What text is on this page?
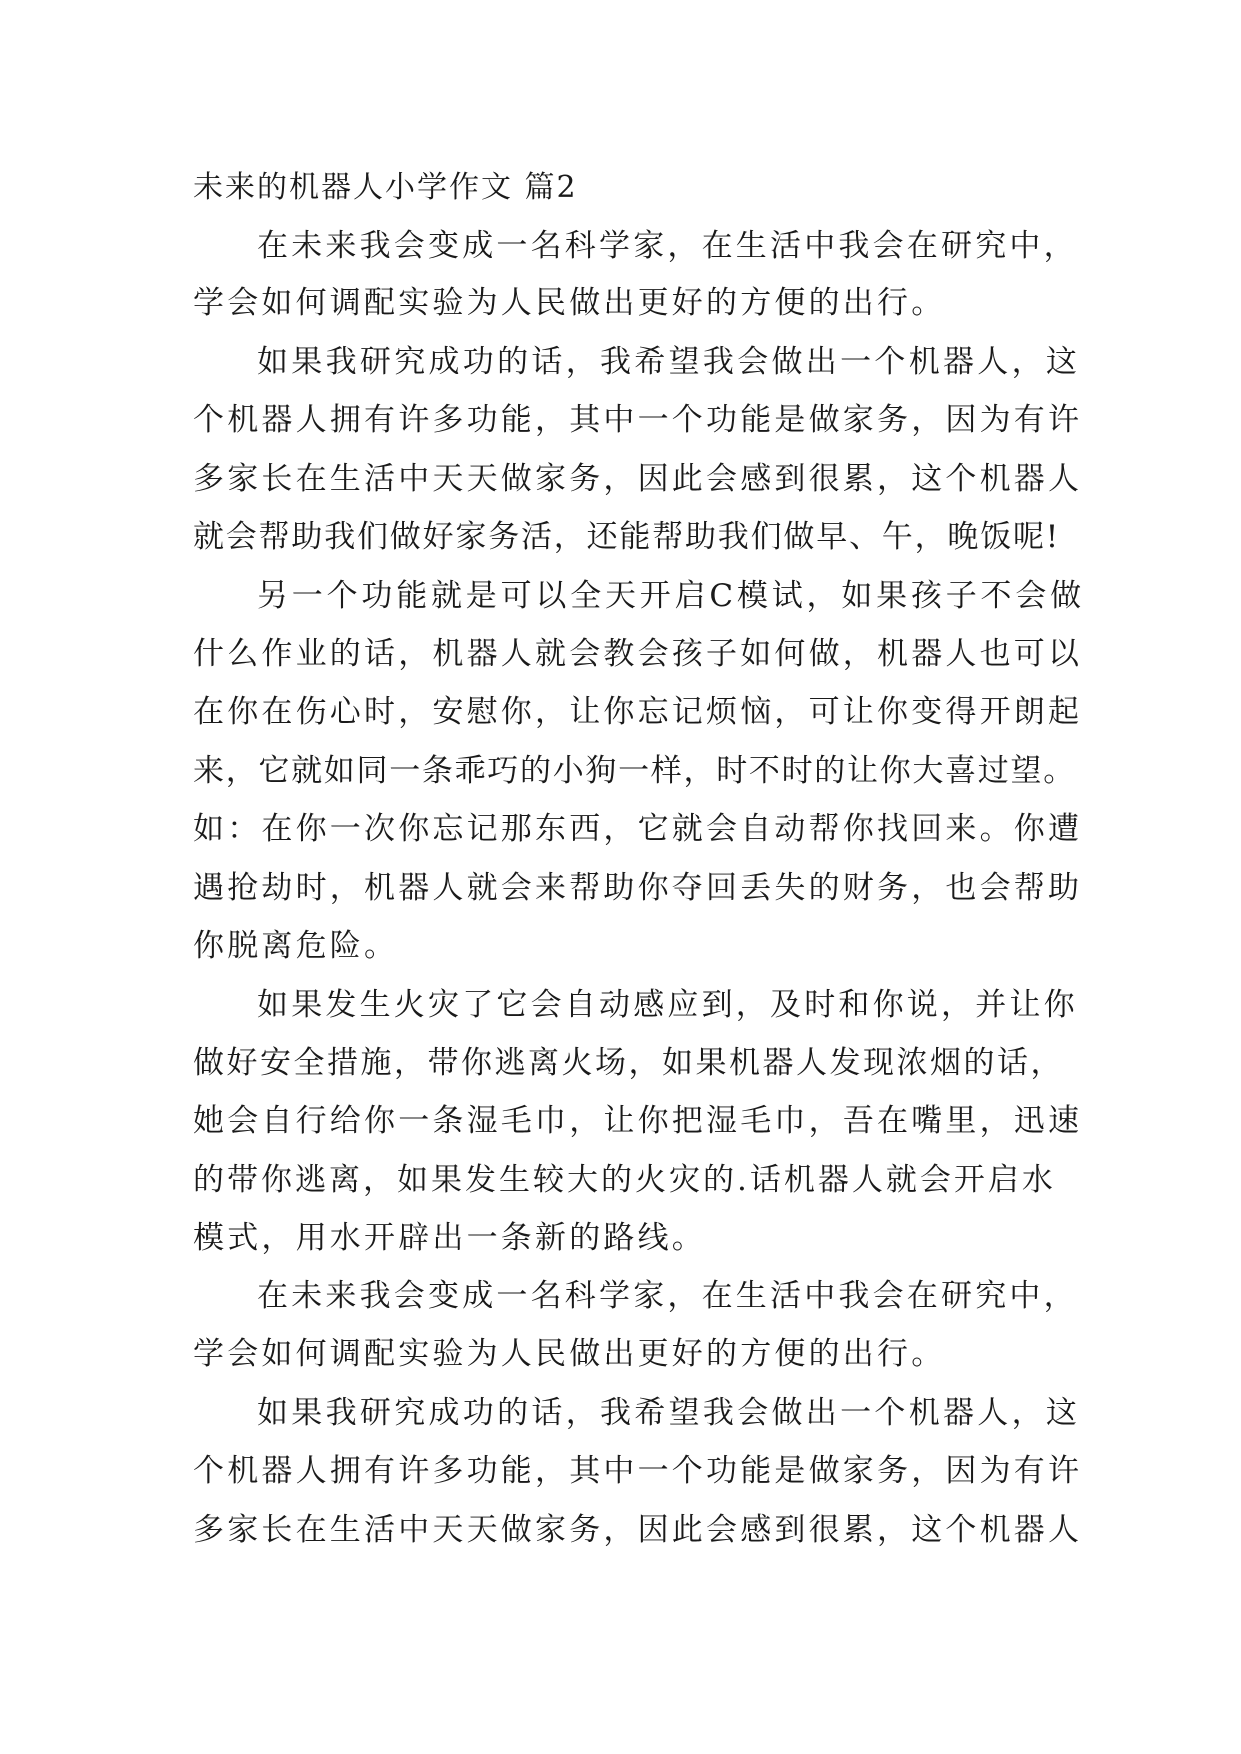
未来的机器人小学作文 篇2
在未来我会变成一名科学家，在生活中我会在研究中，
学会如何调配实验为人民做出更好的方便的出行。
如果我研究成功的话，我希望我会做出一个机器人，这
个机器人拥有许多功能，其中一个功能是做家务，因为有许
多家长在生活中天天做家务，因此会感到很累，这个机器人
就会帮助我们做好家务活，还能帮助我们做早、午，晚饭呢!
另一个功能就是可以全天开启C模试，如果孩子不会做
什么作业的话，机器人就会教会孩子如何做，机器人也可以
在你在伤心时，安慰你，让你忘记烦恼，可让你变得开朗起
来，它就如同一条乖巧的小狗一样，时不时的让你大喜过望。
如：在你一次你忘记那东西，它就会自动帮你找回来。你遭
遇抢劫时，机器人就会来帮助你夺回丢失的财务，也会帮助
你脱离危险。
如果发生火灾了它会自动感应到，及时和你说，并让你
做好安全措施，带你逃离火场，如果机器人发现浓烟的话，
她会自行给你一条湿毛巾，让你把湿毛巾，吾在嘴里，迅速
的带你逃离，如果发生较大的火灾的.话机器人就会开启水
模式，用水开辟出一条新的路线。
在未来我会变成一名科学家，在生活中我会在研究中，
学会如何调配实验为人民做出更好的方便的出行。
如果我研究成功的话，我希望我会做出一个机器人，这
个机器人拥有许多功能，其中一个功能是做家务，因为有许
多家长在生活中天天做家务，因此会感到很累，这个机器人
